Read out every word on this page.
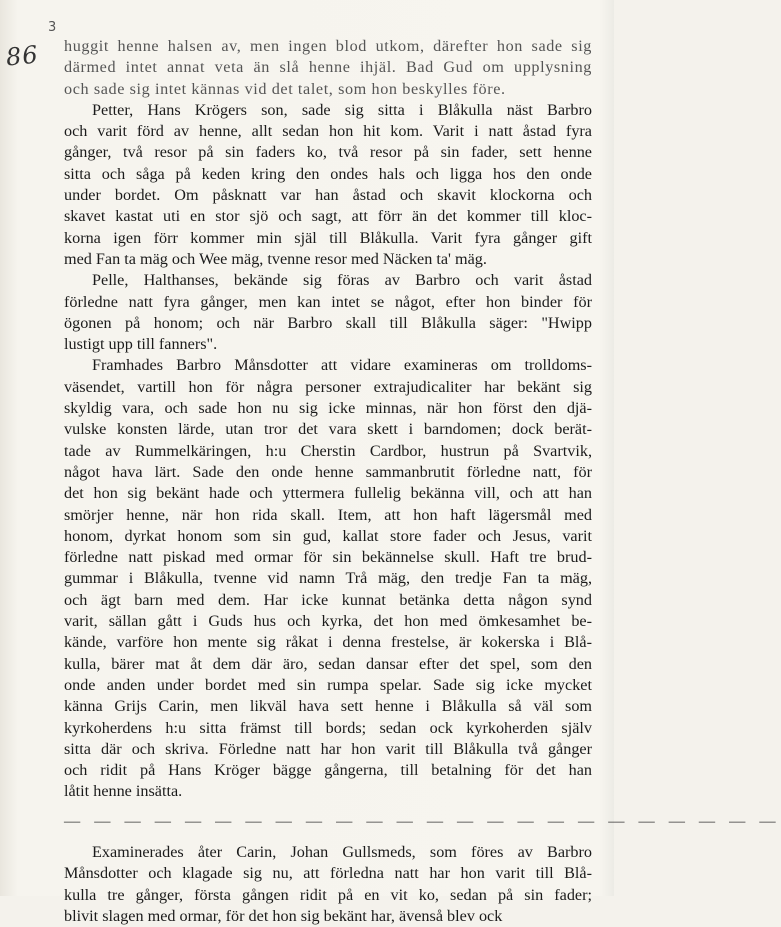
3
86 huggit henne halsen av, men ingen blod utkom, därefter hon sade sig
därmed intet annat veta än slå henne ihjäl. Bad Gud om upplysning
och sade sig intet kännas vid det talet, som hon beskylles före.

Petter, Hans Krögers son, sade sig sitta i Blåkulla näst Barbro
och varit förd av henne, allt sedan hon hit kom. Varit i natt åstad fyra
gånger, två resor på sin faders ko, två resor på sin fader, sett henne
sitta och såga på keden kring den ondes hals och ligga hos den onde
under bordet. Om påsknatt var han åstad och skavit klockorna och
skavet kastat uti en stor sjö och sagt, att förr än det kommer till kloc-
korna igen förr kommer min själ till Blåkulla. Varit fyra gånger gift
med Fan ta mäg och Wee mäg, tvenne resor med Näcken ta' mäg.

Pelle, Halthanses, bekände sig föras av Barbro och varit åstad
förledne natt fyra gånger, men kan intet se något, efter hon binder för
ögonen på honom; och när Barbro skall till Blåkulla säger: "Hwipp
lustigt upp till fanners".

Framhades Barbro Månsdotter att vidare examineras om trolldoms-
väsendet, vartill hon för några personer extrajudicaliter har bekänt sig
skyldig vara, och sade hon nu sig icke minnas, när hon först den djä-
vulske konsten lärde, utan tror det vara skett i barndomen; dock berät-
tade av Rummelkäringen, h:u Cherstin Cardbor, hustrun på Svartvik,
något hava lärt. Sade den onde henne sammanbrutit förledne natt, för
det hon sig bekänt hade och yttermera fullelig bekänna vill, och att han
smörjer henne, när hon rida skall. Item, att hon haft lägersmål med
honom, dyrkat honom som sin gud, kallat store fader och Jesus, varit
förledne natt piskad med ormar för sin bekännelse skull. Haft tre brud-
gummar i Blåkulla, tvenne vid namn Trå mäg, den tredje Fan ta mäg,
och ägt barn med dem. Har icke kunnat betänka detta någon synd
varit, sällan gått i Guds hus och kyrka, det hon med ömkesamhet be-
kände, varföre hon mente sig råkat i denna frestelse, är kokerska i Blå-
kulla, bärer mat åt dem där äro, sedan dansar efter det spel, som den
onde anden under bordet med sin rumpa spelar. Sade sig icke mycket
känna Grijs Carin, men likväl hava sett henne i Blåkulla så väl som
kyrkoherdens h:u sitta främst till bords; sedan ock kyrkoherden själv
sitta där och skriva. Förledne natt har hon varit till Blåkulla två gånger
och ridit på Hans Kröger bägge gångerna, till betalning för det han
låtit henne insätta.

— — — — — — — — — — — — — — — — — — — — — — — —

Examinerades åter Carin, Johan Gullsmeds, som föres av Barbro
Månsdotter och klagade sig nu, att förledna natt har hon varit till Blå-
kulla tre gånger, första gången ridit på en vit ko, sedan på sin fader;
blivit slagen med ormar, för det hon sig bekänt har, ävenså blev ock
